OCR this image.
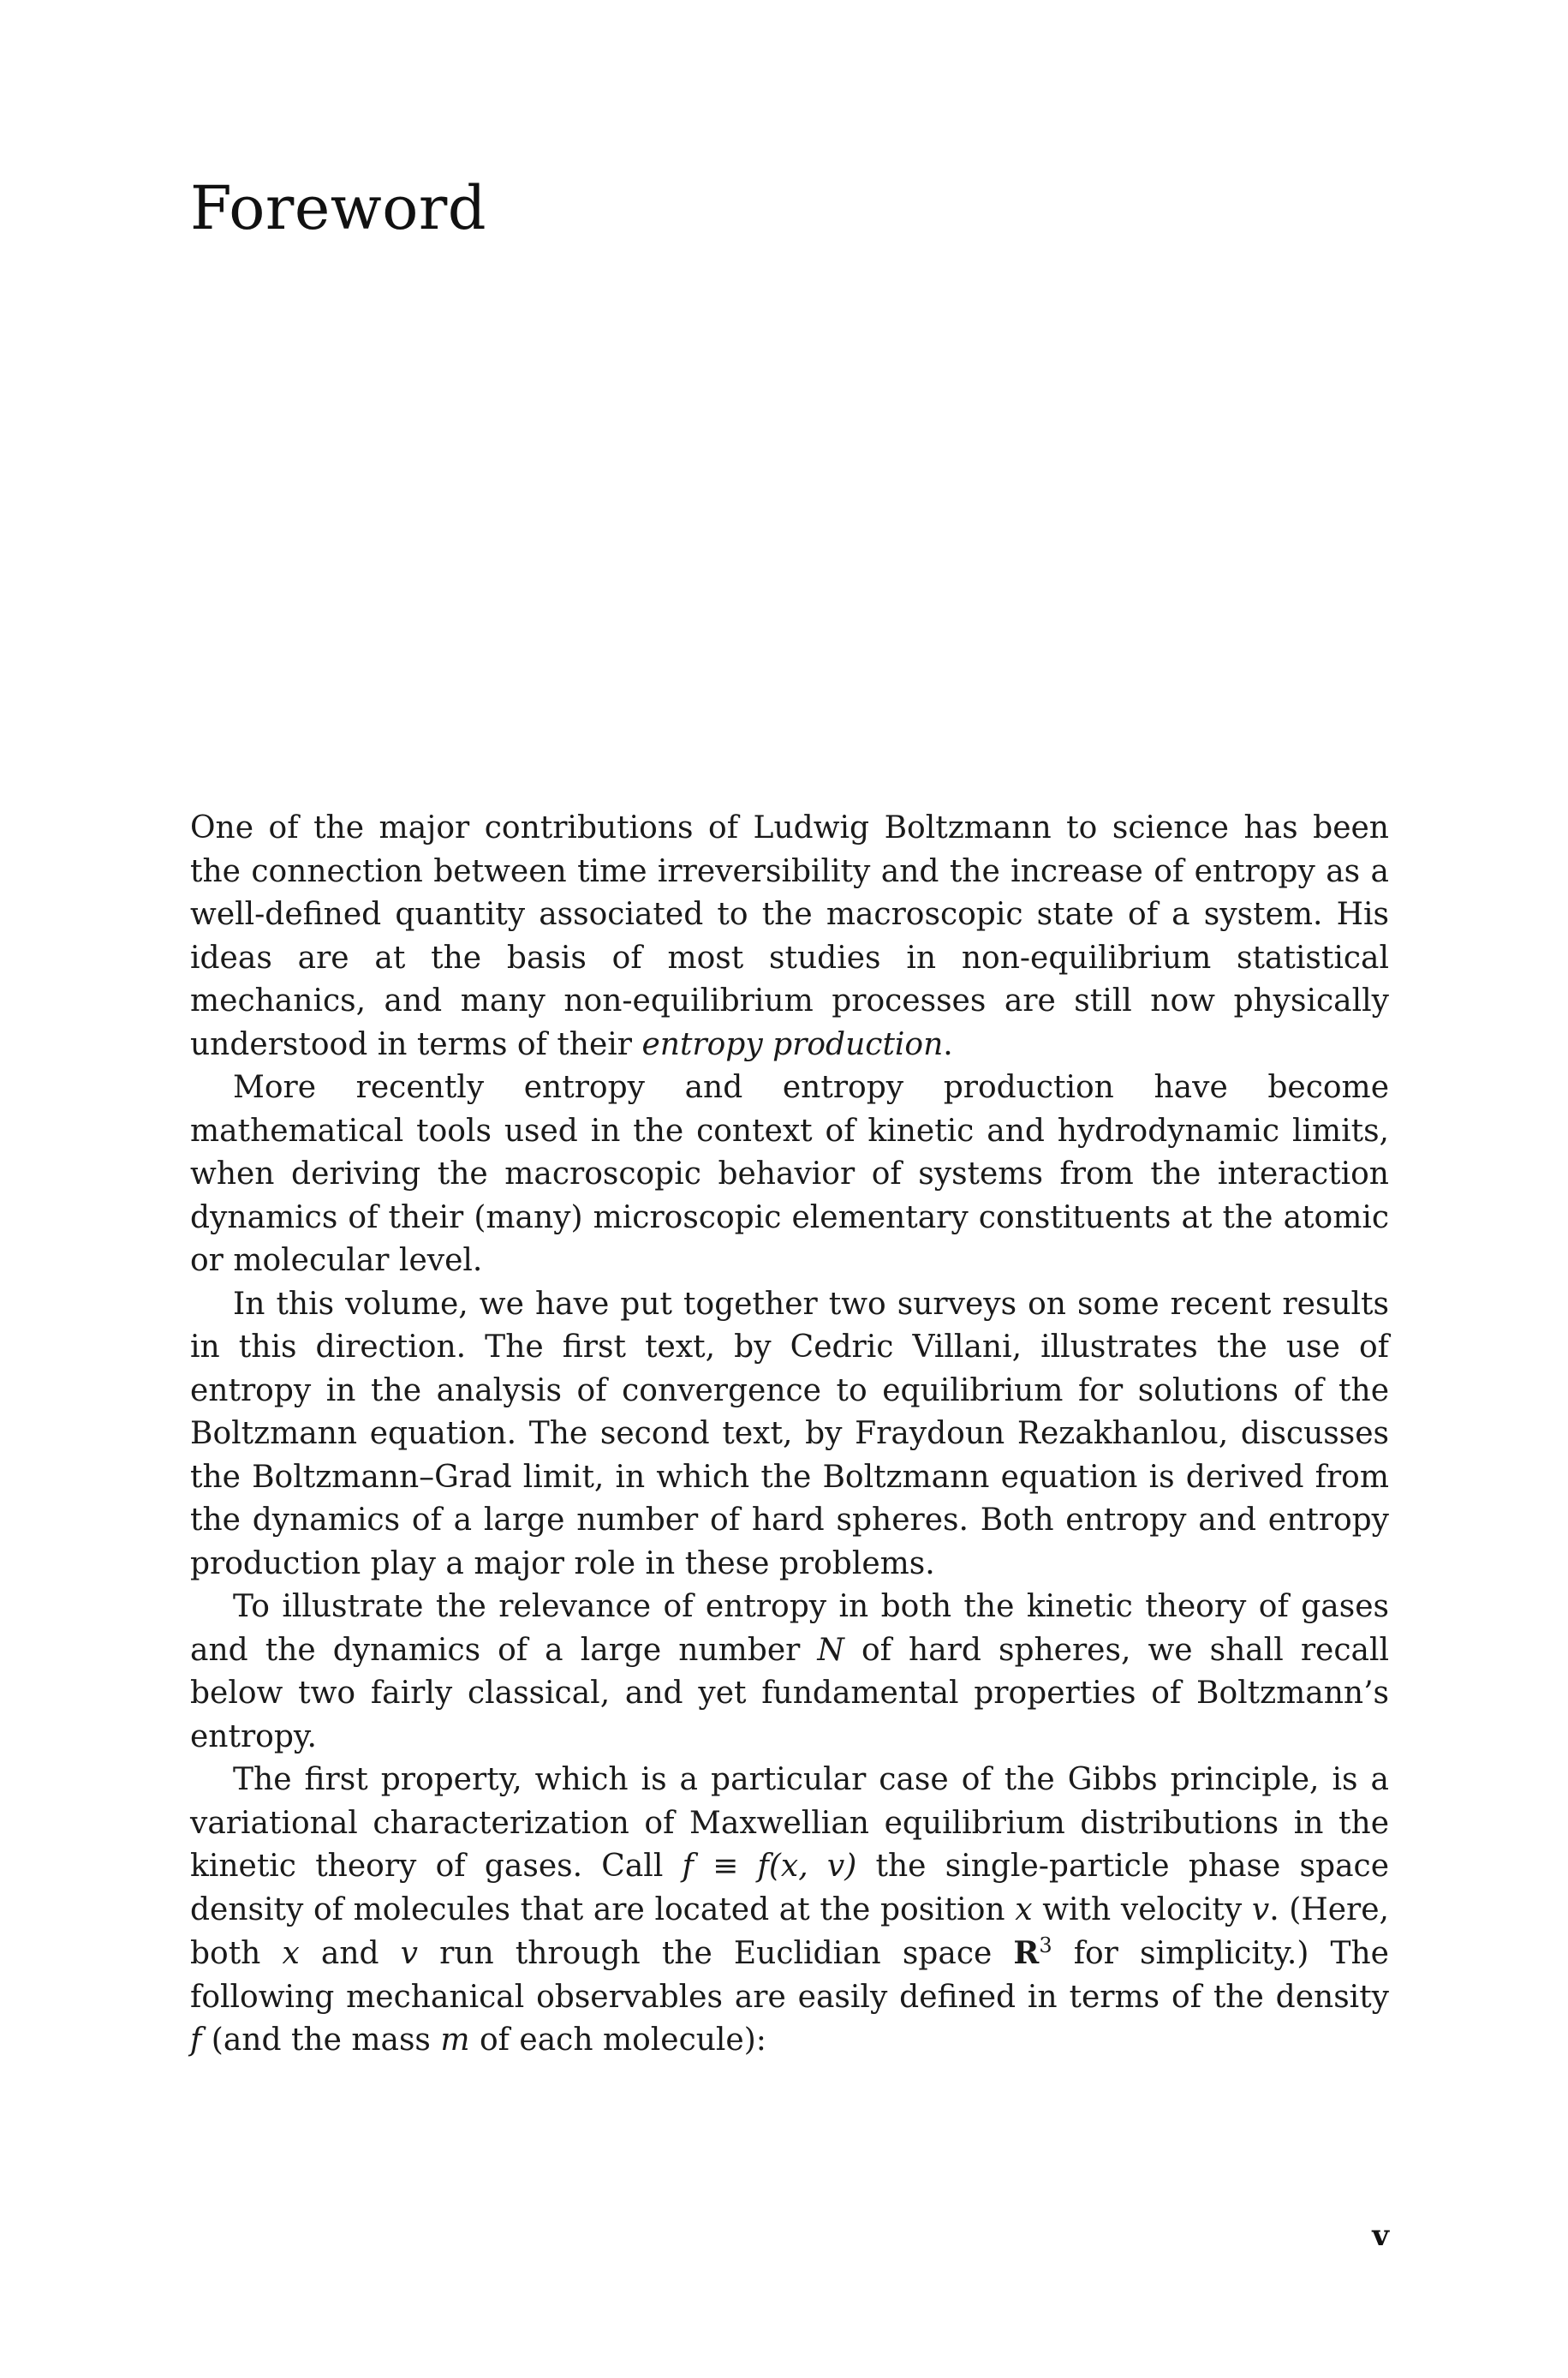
Foreword

One of the major contributions of Ludwig Boltzmann to science has been the connection between time irreversibility and the increase of entropy as a well-defined quantity associated to the macroscopic state of a system. His ideas are at the basis of most studies in non-equilibrium statistical mechanics, and many non-equilibrium processes are still now physically understood in terms of their entropy production.

More recently entropy and entropy production have become mathematical tools used in the context of kinetic and hydrodynamic limits, when deriving the macroscopic behavior of systems from the interaction dynamics of their (many) microscopic elementary constituents at the atomic or molecular level.

In this volume, we have put together two surveys on some recent results in this direction. The first text, by Cedric Villani, illustrates the use of entropy in the analysis of convergence to equilibrium for solutions of the Boltzmann equation. The second text, by Fraydoun Rezakhanlou, discusses the Boltzmann–Grad limit, in which the Boltzmann equation is derived from the dynamics of a large number of hard spheres. Both entropy and entropy production play a major role in these problems.

To illustrate the relevance of entropy in both the kinetic theory of gases and the dynamics of a large number N of hard spheres, we shall recall below two fairly classical, and yet fundamental properties of Boltzmann’s entropy.

The first property, which is a particular case of the Gibbs principle, is a variational characterization of Maxwellian equilibrium distributions in the kinetic theory of gases. Call f ≡ f(x, v) the single-particle phase space density of molecules that are located at the position x with velocity v. (Here, both x and v run through the Euclidian space $R^3$ for simplicity.) The following mechanical observables are easily defined in terms of the density f (and the mass m of each molecule):

v
